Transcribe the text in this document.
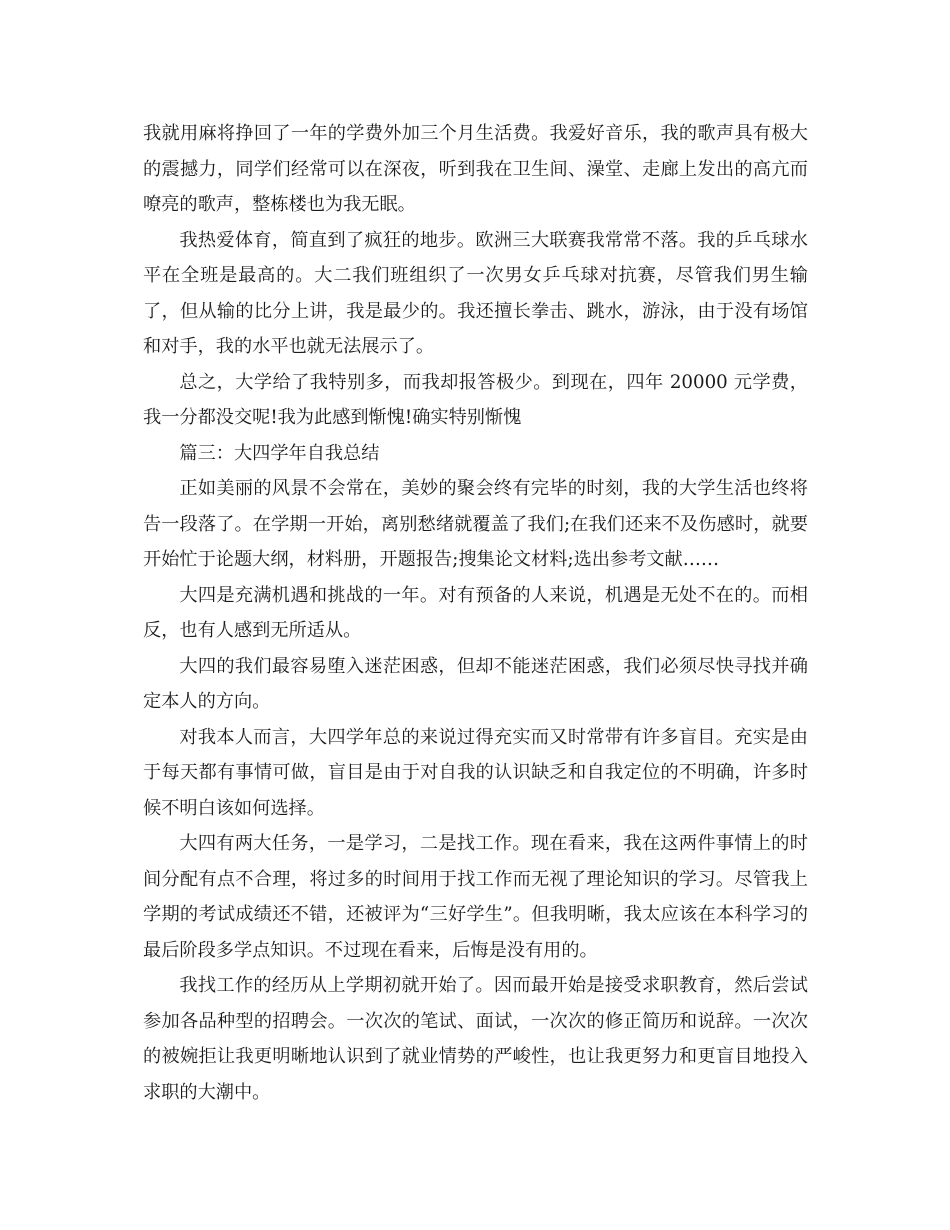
我就用麻将挣回了一年的学费外加三个月生活费。我爱好音乐，我的歌声具有极大的震撼力，同学们经常可以在深夜，听到我在卫生间、澡堂、走廊上发出的高亢而嘹亮的歌声，整栋楼也为我无眠。

我热爱体育，简直到了疯狂的地步。欧洲三大联赛我常常不落。我的乒乓球水平在全班是最高的。大二我们班组织了一次男女乒乓球对抗赛，尽管我们男生输了，但从输的比分上讲，我是最少的。我还擅长拳击、跳水，游泳，由于没有场馆和对手，我的水平也就无法展示了。

总之，大学给了我特别多，而我却报答极少。到现在，四年 20000 元学费，我一分都没交呢!我为此感到惭愧!确实特别惭愧

篇三：大四学年自我总结

正如美丽的风景不会常在，美妙的聚会终有完毕的时刻，我的大学生活也终将告一段落了。在学期一开始，离别愁绪就覆盖了我们;在我们还来不及伤感时，就要开始忙于论题大纲，材料册，开题报告;搜集论文材料;选出参考文献……

大四是充满机遇和挑战的一年。对有预备的人来说，机遇是无处不在的。而相反，也有人感到无所适从。

大四的我们最容易堕入迷茫困惑，但却不能迷茫困惑，我们必须尽快寻找并确定本人的方向。

对我本人而言，大四学年总的来说过得充实而又时常带有许多盲目。充实是由于每天都有事情可做，盲目是由于对自我的认识缺乏和自我定位的不明确，许多时候不明白该如何选择。

大四有两大任务，一是学习，二是找工作。现在看来，我在这两件事情上的时间分配有点不合理，将过多的时间用于找工作而无视了理论知识的学习。尽管我上学期的考试成绩还不错，还被评为“三好学生”。但我明晰，我太应该在本科学习的最后阶段多学点知识。不过现在看来，后悔是没有用的。

我找工作的经历从上学期初就开始了。因而最开始是接受求职教育，然后尝试参加各品种型的招聘会。一次次的笔试、面试，一次次的修正简历和说辞。一次次的被婉拒让我更明晰地认识到了就业情势的严峻性，也让我更努力和更盲目地投入求职的大潮中。
